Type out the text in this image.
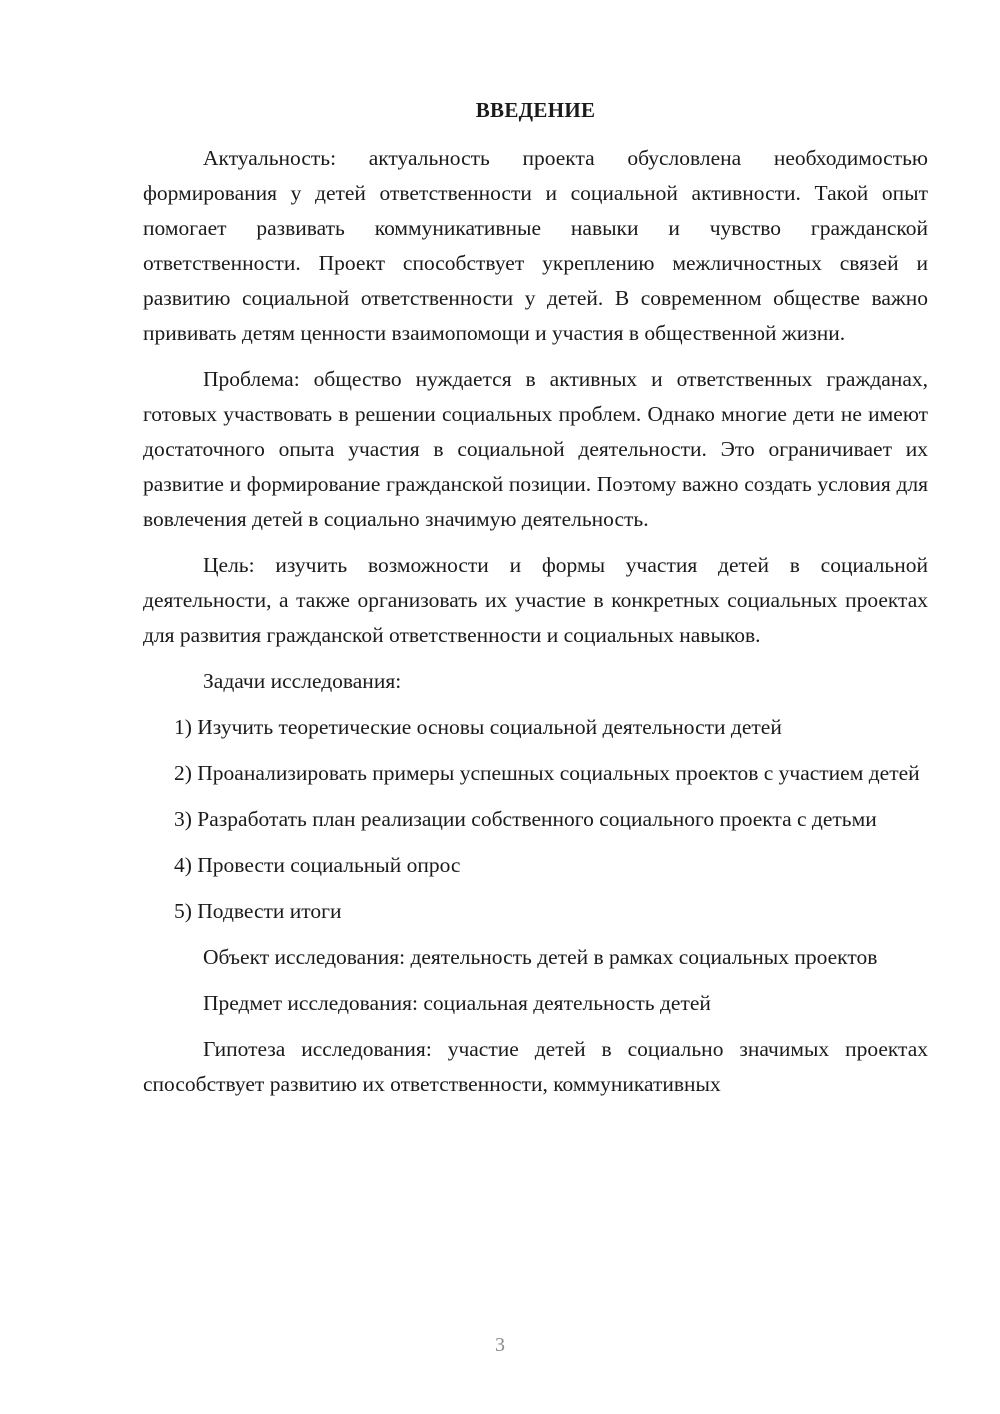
ВВЕДЕНИЕ

Актуальность: актуальность проекта обусловлена необходимостью формирования у детей ответственности и социальной активности. Такой опыт помогает развивать коммуникативные навыки и чувство гражданской ответственности. Проект способствует укреплению межличностных связей и развитию социальной ответственности у детей. В современном обществе важно прививать детям ценности взаимопомощи и участия в общественной жизни.

Проблема: общество нуждается в активных и ответственных гражданах, готовых участвовать в решении социальных проблем. Однако многие дети не имеют достаточного опыта участия в социальной деятельности. Это ограничивает их развитие и формирование гражданской позиции. Поэтому важно создать условия для вовлечения детей в социально значимую деятельность.

Цель: изучить возможности и формы участия детей в социальной деятельности, а также организовать их участие в конкретных социальных проектах для развития гражданской ответственности и социальных навыков.

Задачи исследования:

1) Изучить теоретические основы социальной деятельности детей

2) Проанализировать примеры успешных социальных проектов с участием детей

3) Разработать план реализации собственного социального проекта с детьми

4) Провести социальный опрос

5) Подвести итоги

Объект исследования: деятельность детей в рамках социальных проектов

Предмет исследования: социальная деятельность детей

Гипотеза исследования: участие детей в социально значимых проектах способствует развитию их ответственности, коммуникативных

3
